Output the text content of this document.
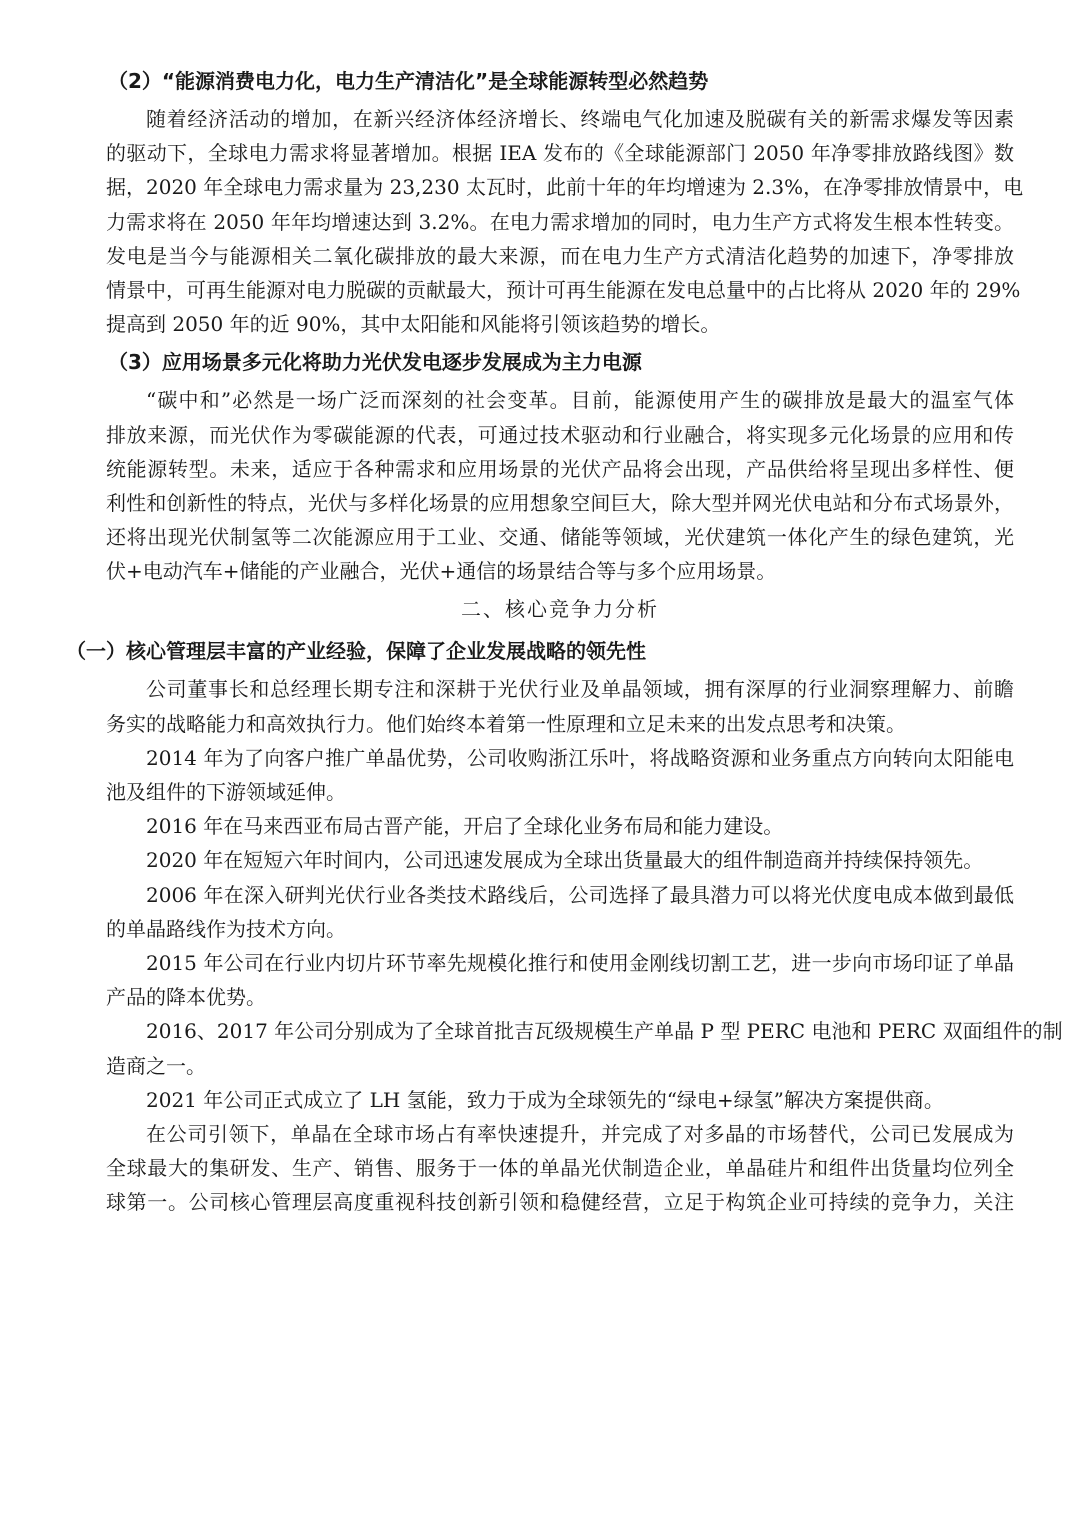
（2）“能源消费电力化，电力生产清洁化”是全球能源转型必然趋势
随着经济活动的增加，在新兴经济体经济增长、终端电气化加速及脱碳有关的新需求爆发等因素
的驱动下，全球电力需求将显著增加。根据 IEA 发布的《全球能源部门 2050 年净零排放路线图》数
据，2020 年全球电力需求量为 23,230 太瓦时，此前十年的年均增速为 2.3%，在净零排放情景中，电
力需求将在 2050 年年均增速达到 3.2%。在电力需求增加的同时，电力生产方式将发生根本性转变。
发电是当今与能源相关二氧化碳排放的最大来源，而在电力生产方式清洁化趋势的加速下，净零排放
情景中，可再生能源对电力脱碳的贡献最大，预计可再生能源在发电总量中的占比将从 2020 年的 29%
提高到 2050 年的近 90%，其中太阳能和风能将引领该趋势的增长。
（3）应用场景多元化将助力光伏发电逐步发展成为主力电源
“碳中和”必然是一场广泛而深刻的社会变革。目前，能源使用产生的碳排放是最大的温室气体
排放来源，而光伏作为零碳能源的代表，可通过技术驱动和行业融合，将实现多元化场景的应用和传
统能源转型。未来，适应于各种需求和应用场景的光伏产品将会出现，产品供给将呈现出多样性、便
利性和创新性的特点，光伏与多样化场景的应用想象空间巨大，除大型并网光伏电站和分布式场景外，
还将出现光伏制氢等二次能源应用于工业、交通、储能等领域，光伏建筑一体化产生的绿色建筑，光
伏+电动汽车+储能的产业融合，光伏+通信的场景结合等与多个应用场景。
二、核心竞争力分析
（一）核心管理层丰富的产业经验，保障了企业发展战略的领先性
公司董事长和总经理长期专注和深耕于光伏行业及单晶领域，拥有深厚的行业洞察理解力、前瞻
务实的战略能力和高效执行力。他们始终本着第一性原理和立足未来的出发点思考和决策。
2014 年为了向客户推广单晶优势，公司收购浙江乐叶，将战略资源和业务重点方向转向太阳能电
池及组件的下游领域延伸。
2016 年在马来西亚布局古晋产能，开启了全球化业务布局和能力建设。
2020 年在短短六年时间内，公司迅速发展成为全球出货量最大的组件制造商并持续保持领先。
2006 年在深入研判光伏行业各类技术路线后，公司选择了最具潜力可以将光伏度电成本做到最低
的单晶路线作为技术方向。
2015 年公司在行业内切片环节率先规模化推行和使用金刚线切割工艺，进一步向市场印证了单晶
产品的降本优势。
2016、2017 年公司分别成为了全球首批吉瓦级规模生产单晶 P 型 PERC 电池和 PERC 双面组件的制
造商之一。
2021 年公司正式成立了 LH 氢能，致力于成为全球领先的“绿电+绿氢”解决方案提供商。
在公司引领下，单晶在全球市场占有率快速提升，并完成了对多晶的市场替代，公司已发展成为
全球最大的集研发、生产、销售、服务于一体的单晶光伏制造企业，单晶硅片和组件出货量均位列全
球第一。公司核心管理层高度重视科技创新引领和稳健经营，立足于构筑企业可持续的竞争力，关注
